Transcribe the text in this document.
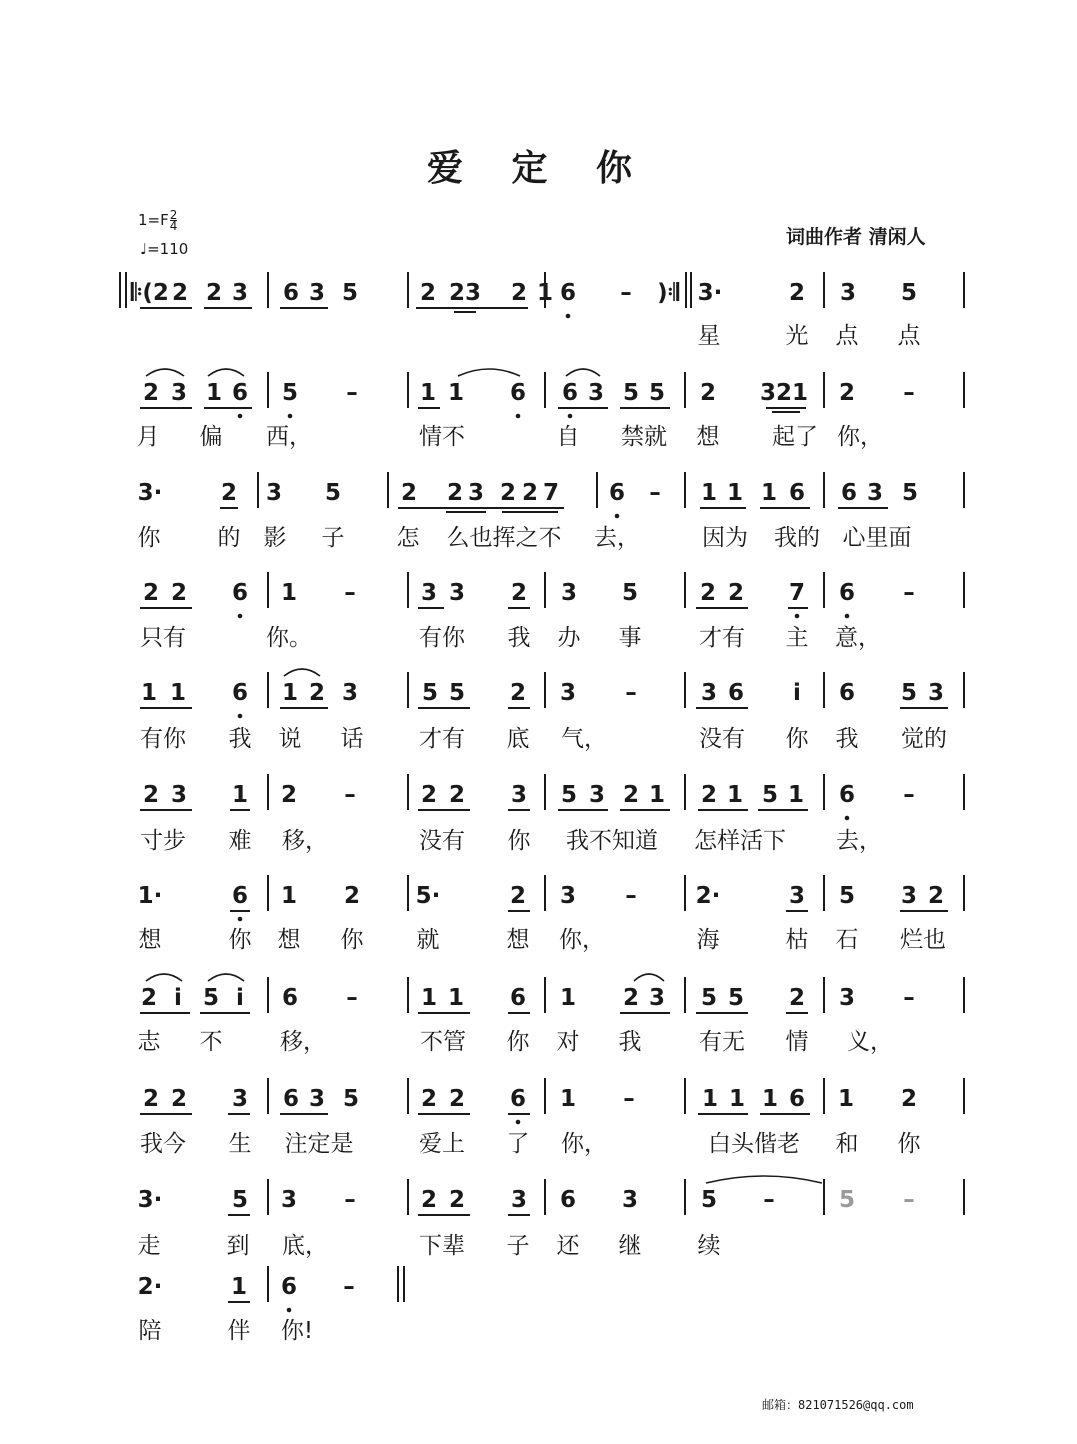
爱 定 你
$1=F\frac{2}{4}$
♩=110
词曲作者 清闲人
𝄆(2 2 2 3 6 3 5	2 23 2 1 6 – )𝄇 3·	2 3 5
2 3 1 6 5 –	1 1 6 6 3 5 5 2 321 2 –
3·	2 3 5	2 2 3 2 2 7 6 – 1 1 1 6 6 3 5
2 2 6 1 –	3 3 2 3 5	2 2 7 6 –
1 1 6 1 2 3	5 5 2 3 –	3 6 i 6 5 3
2 3 1 2 –	2 2 3 5 3 2 1 2 1 5 1 6 –
1·	6 1 2 5·	2 3 –	2·	3 5 3 2
2 i 5 i 6 –	1 1 6 1 2 3 5 5 2 3 –
2 2 3 6 3 5	2 2 6 1 –	1 1 1 6 1 2
3·	5 3 –	2 2 3 6 3	5 –	5 –
2·	1 6 –
星	光 点 点
月 偏 西，	情不	自 禁就 想 起了 你，
你 的 影 子 怎 么也挥之不 去，	因为 我的 心里面
只有	你。	有你 我 办 事	才有 主 意，
有你 我 说 话 才有 底 气，	没有 你 我 觉的
寸步 难 移，	没有 你 我不知道 怎样活下 去，
想	你 想 你 就	想 你，	海	枯 石 烂也
志 不	移，	不管 你 对 我	有无 情 义，
我今 生 注定是	爱上 了 你，	白头偕老 和 你
走	到 底，	下辈 子 还 继 续
陪	伴 你!
邮箱：821071526@qq.com
